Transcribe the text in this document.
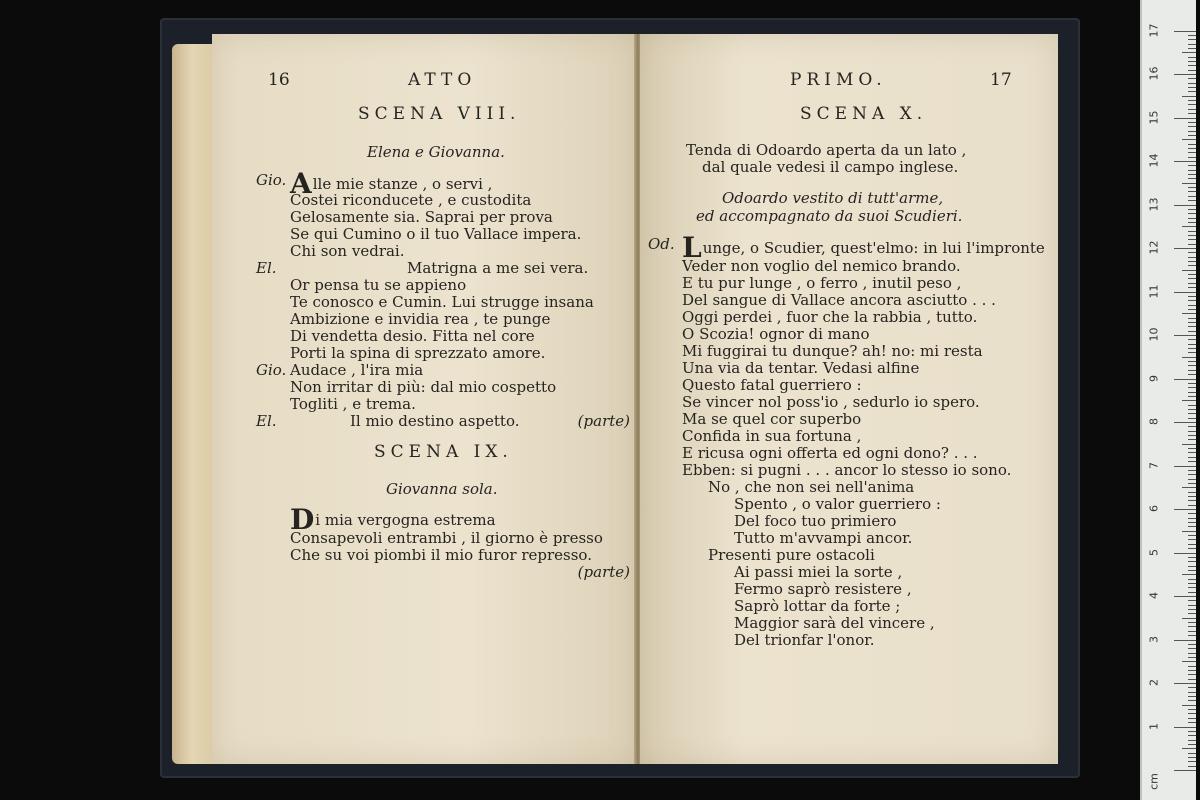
16	ATTO
SCENA VIII.
Elena e Giovanna.
Gio. Alle mie stanze , o servi ,
Costei riconducete , e custodita
Gelosamente sia. Saprai per prova
Se qui Cumino o il tuo Vallace impera.
Chi son vedrai.
El.	Matrigna a me sei vera.
Or pensa tu se appieno
Te conosco e Cumin. Lui strugge insana
Ambizione e invidia rea , te punge
Di vendetta desio. Fitta nel core
Porti la spina di sprezzato amore.
Gio. Audace , l'ira mia
Non irritar di più: dal mio cospetto
Togliti , e trema.
El.	Il mio destino aspetto.	(parte)
SCENA IX.
Giovanna sola.
Di mia vergogna estrema
Consapevoli entrambi , il giorno è presso
Che su voi piombi il mio furor represso.
(parte)
PRIMO.	17
SCENA X.
Tenda di Odoardo aperta da un lato ,
dal quale vedesi il campo inglese.
Odoardo vestito di tutt'arme,
ed accompagnato da suoi Scudieri.
Od. Lunge, o Scudier, quest'elmo: in lui l'impronte
Veder non voglio del nemico brando.
E tu pur lunge , o ferro , inutil peso ,
Del sangue di Vallace ancora asciutto . . .
Oggi perdei , fuor che la rabbia , tutto.
O Scozia! ognor di mano
Mi fuggirai tu dunque? ah! no: mi resta
Una via da tentar. Vedasi alfine
Questo fatal guerriero :
Se vincer nol poss'io , sedurlo io spero.
Ma se quel cor superbo
Confida in sua fortuna ,
E ricusa ogni offerta ed ogni dono? . . .
Ebben: si pugni . . . ancor lo stesso io sono.
No , che non sei nell'anima
Spento , o valor guerriero :
Del foco tuo primiero
Tutto m'avvampi ancor.
Presenti pure ostacoli
Ai passi miei la sorte ,
Fermo saprò resistere ,
Saprò lottar da forte ;
Maggior sarà del vincere ,
Del trionfar l'onor.
cm
17
16
15
14
13
12
11
10
9
8
7
6
5
4
3
2
1
